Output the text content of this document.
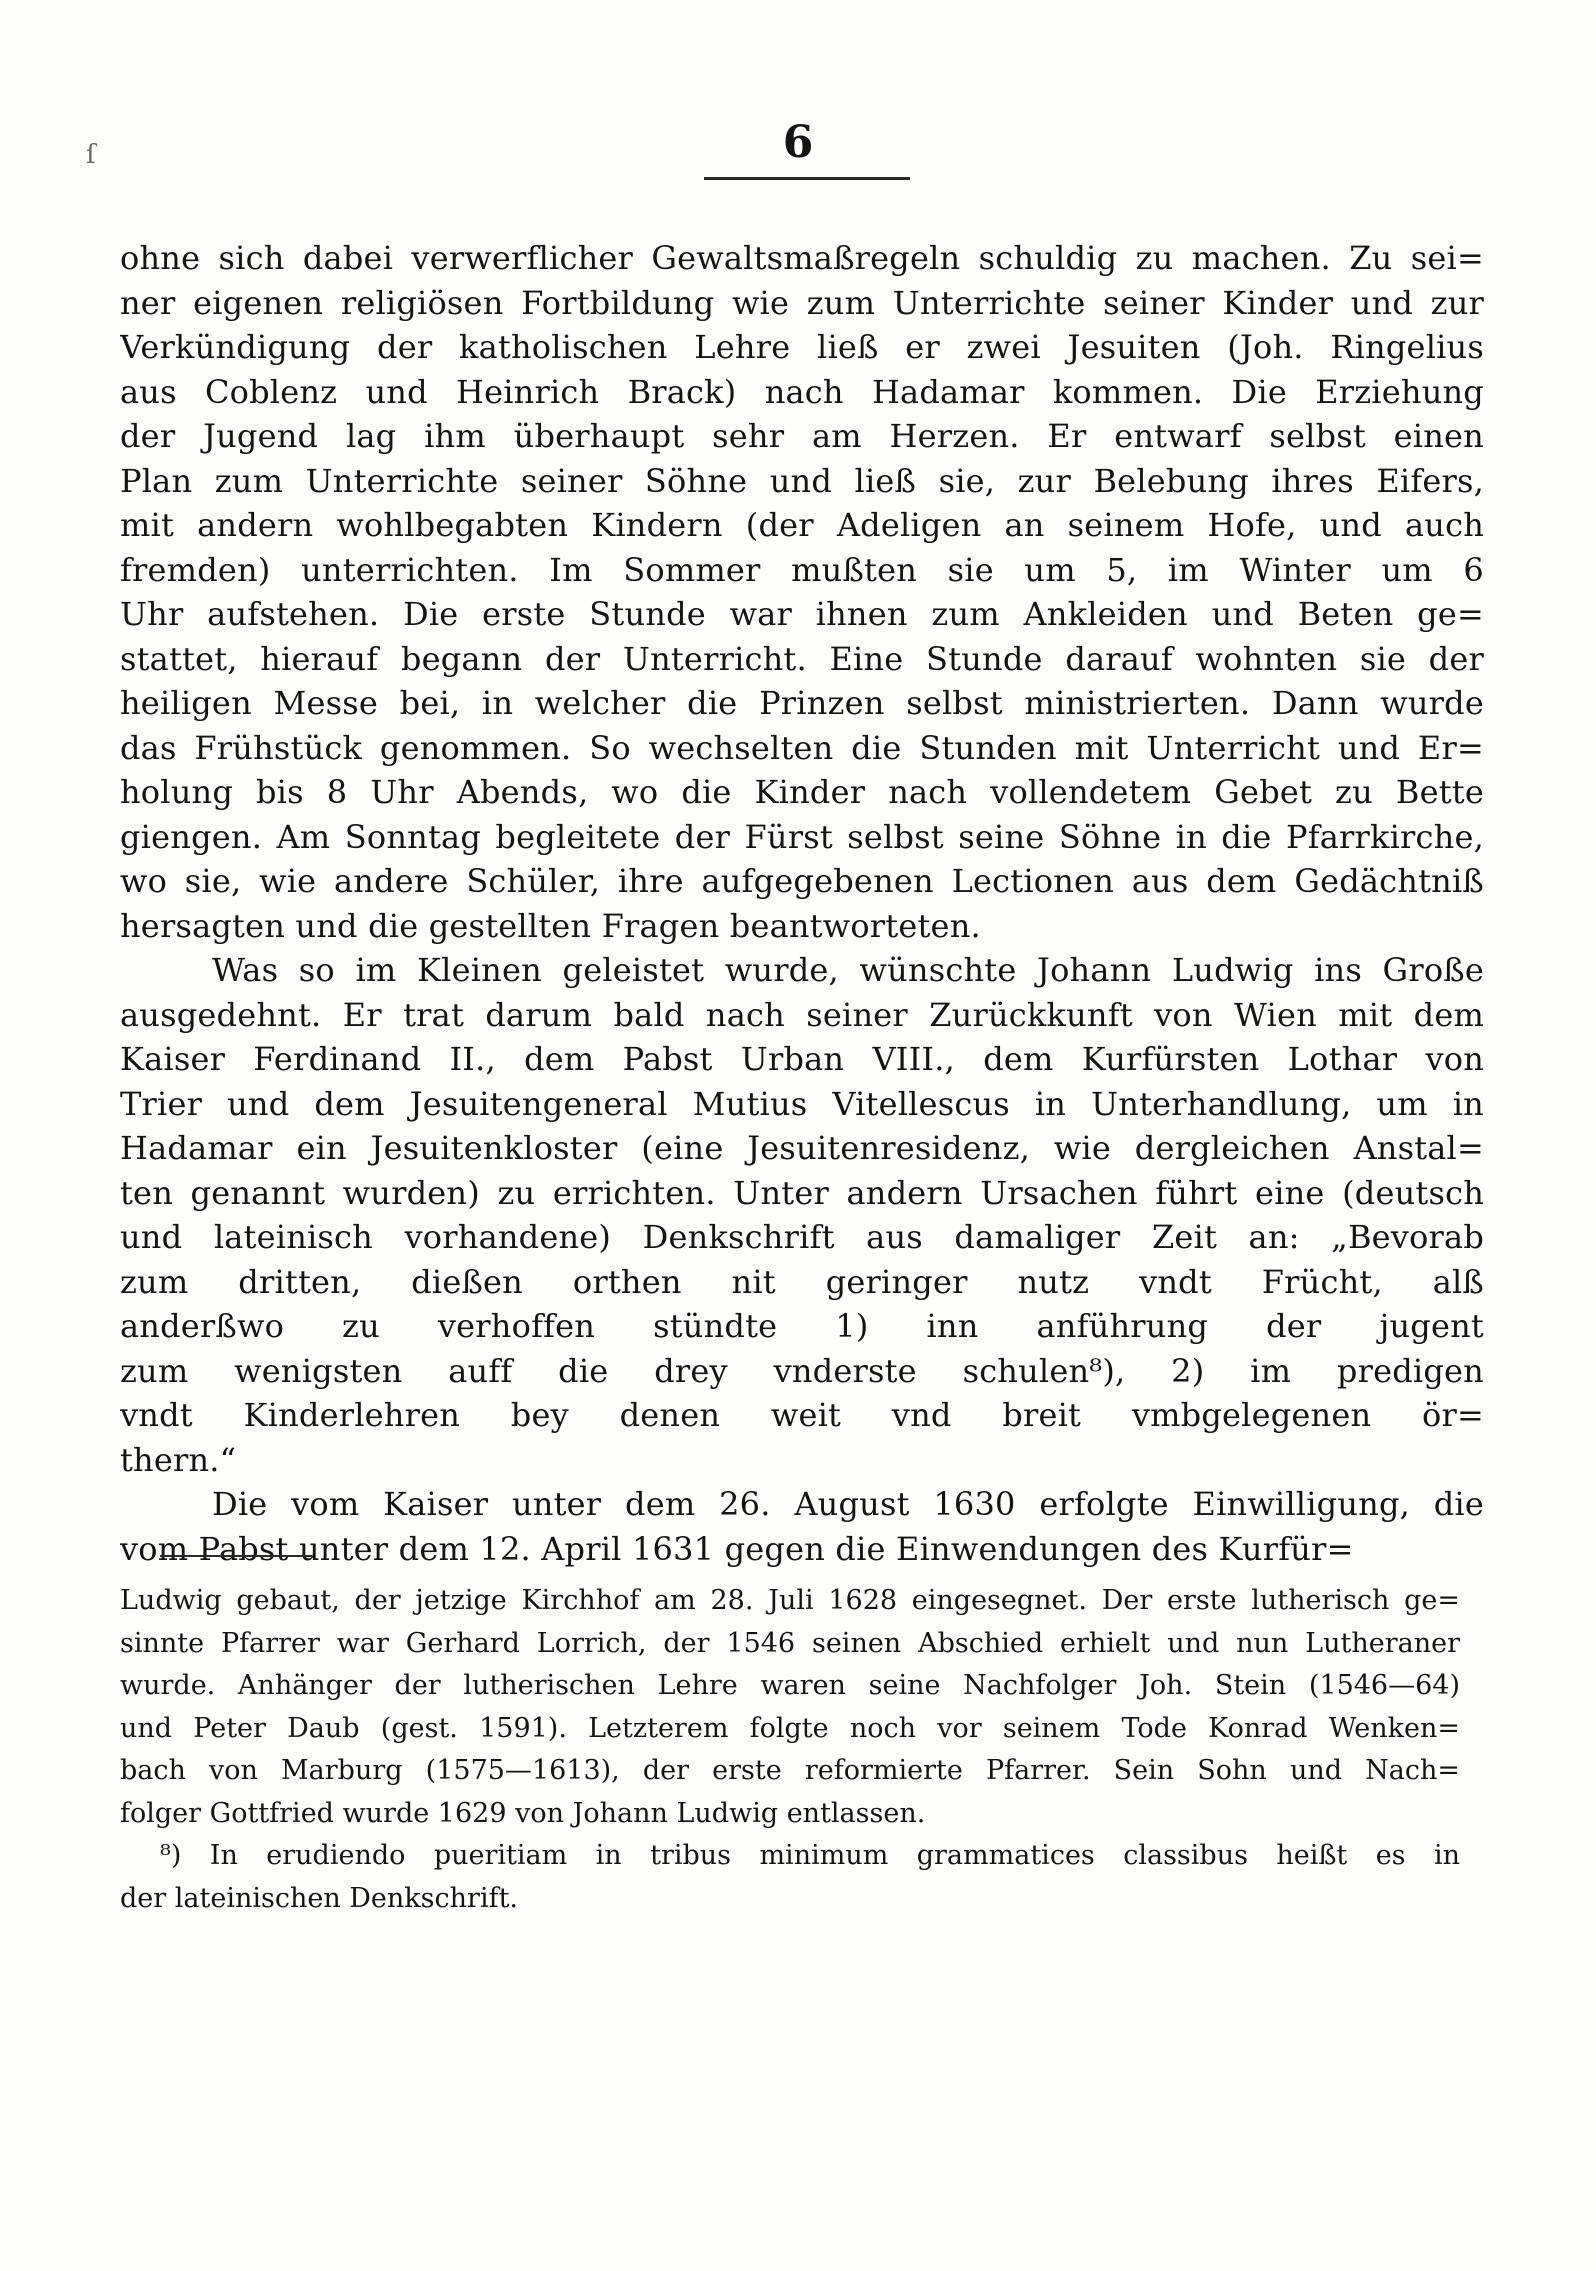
ſ	6
ohne sich dabei verwerflicher Gewaltsmaßregeln schuldig zu machen. Zu sei=
ner eigenen religiösen Fortbildung wie zum Unterrichte seiner Kinder und zur
Verkündigung der katholischen Lehre ließ er zwei Jesuiten (Joh. Ringelius
aus Coblenz und Heinrich Brack) nach Hadamar kommen. Die Erziehung
der Jugend lag ihm überhaupt sehr am Herzen. Er entwarf selbst einen
Plan zum Unterrichte seiner Söhne und ließ sie, zur Belebung ihres Eifers,
mit andern wohlbegabten Kindern (der Adeligen an seinem Hofe, und auch
fremden) unterrichten. Im Sommer mußten sie um 5, im Winter um 6
Uhr aufstehen. Die erste Stunde war ihnen zum Ankleiden und Beten ge=
stattet, hierauf begann der Unterricht. Eine Stunde darauf wohnten sie der
heiligen Messe bei, in welcher die Prinzen selbst ministrierten. Dann wurde
das Frühstück genommen. So wechselten die Stunden mit Unterricht und Er=
holung bis 8 Uhr Abends, wo die Kinder nach vollendetem Gebet zu Bette
giengen. Am Sonntag begleitete der Fürst selbst seine Söhne in die Pfarrkirche,
wo sie, wie andere Schüler, ihre aufgegebenen Lectionen aus dem Gedächtniß
hersagten und die gestellten Fragen beantworteten.
Was so im Kleinen geleistet wurde, wünschte Johann Ludwig ins Große
ausgedehnt. Er trat darum bald nach seiner Zurückkunft von Wien mit dem
Kaiser Ferdinand II., dem Pabst Urban VIII., dem Kurfürsten Lothar von
Trier und dem Jesuitengeneral Mutius Vitellescus in Unterhandlung, um in
Hadamar ein Jesuitenkloster (eine Jesuitenresidenz, wie dergleichen Anstal=
ten genannt wurden) zu errichten. Unter andern Ursachen führt eine (deutsch
und lateinisch vorhandene) Denkschrift aus damaliger Zeit an: „Bevorab
zum dritten, dießen orthen nit geringer nutz vndt Frücht, alß
anderßwo zu verhoffen stündte 1) inn anführung der jugent
zum wenigsten auff die drey vnderste schulen⁸), 2) im predigen
vndt Kinderlehren bey denen weit vnd breit vmbgelegenen ör=
thern.“
Die vom Kaiser unter dem 26. August 1630 erfolgte Einwilligung, die
vom Pabst unter dem 12. April 1631 gegen die Einwendungen des Kurfür=
Ludwig gebaut, der jetzige Kirchhof am 28. Juli 1628 eingesegnet. Der erste lutherisch ge=
sinnte Pfarrer war Gerhard Lorrich, der 1546 seinen Abschied erhielt und nun Lutheraner
wurde. Anhänger der lutherischen Lehre waren seine Nachfolger Joh. Stein (1546—64)
und Peter Daub (gest. 1591). Letzterem folgte noch vor seinem Tode Konrad Wenken=
bach von Marburg (1575—1613), der erste reformierte Pfarrer. Sein Sohn und Nach=
folger Gottfried wurde 1629 von Johann Ludwig entlassen.
⁸) In erudiendo pueritiam in tribus minimum grammatices classibus heißt es in
der lateinischen Denkschrift.
